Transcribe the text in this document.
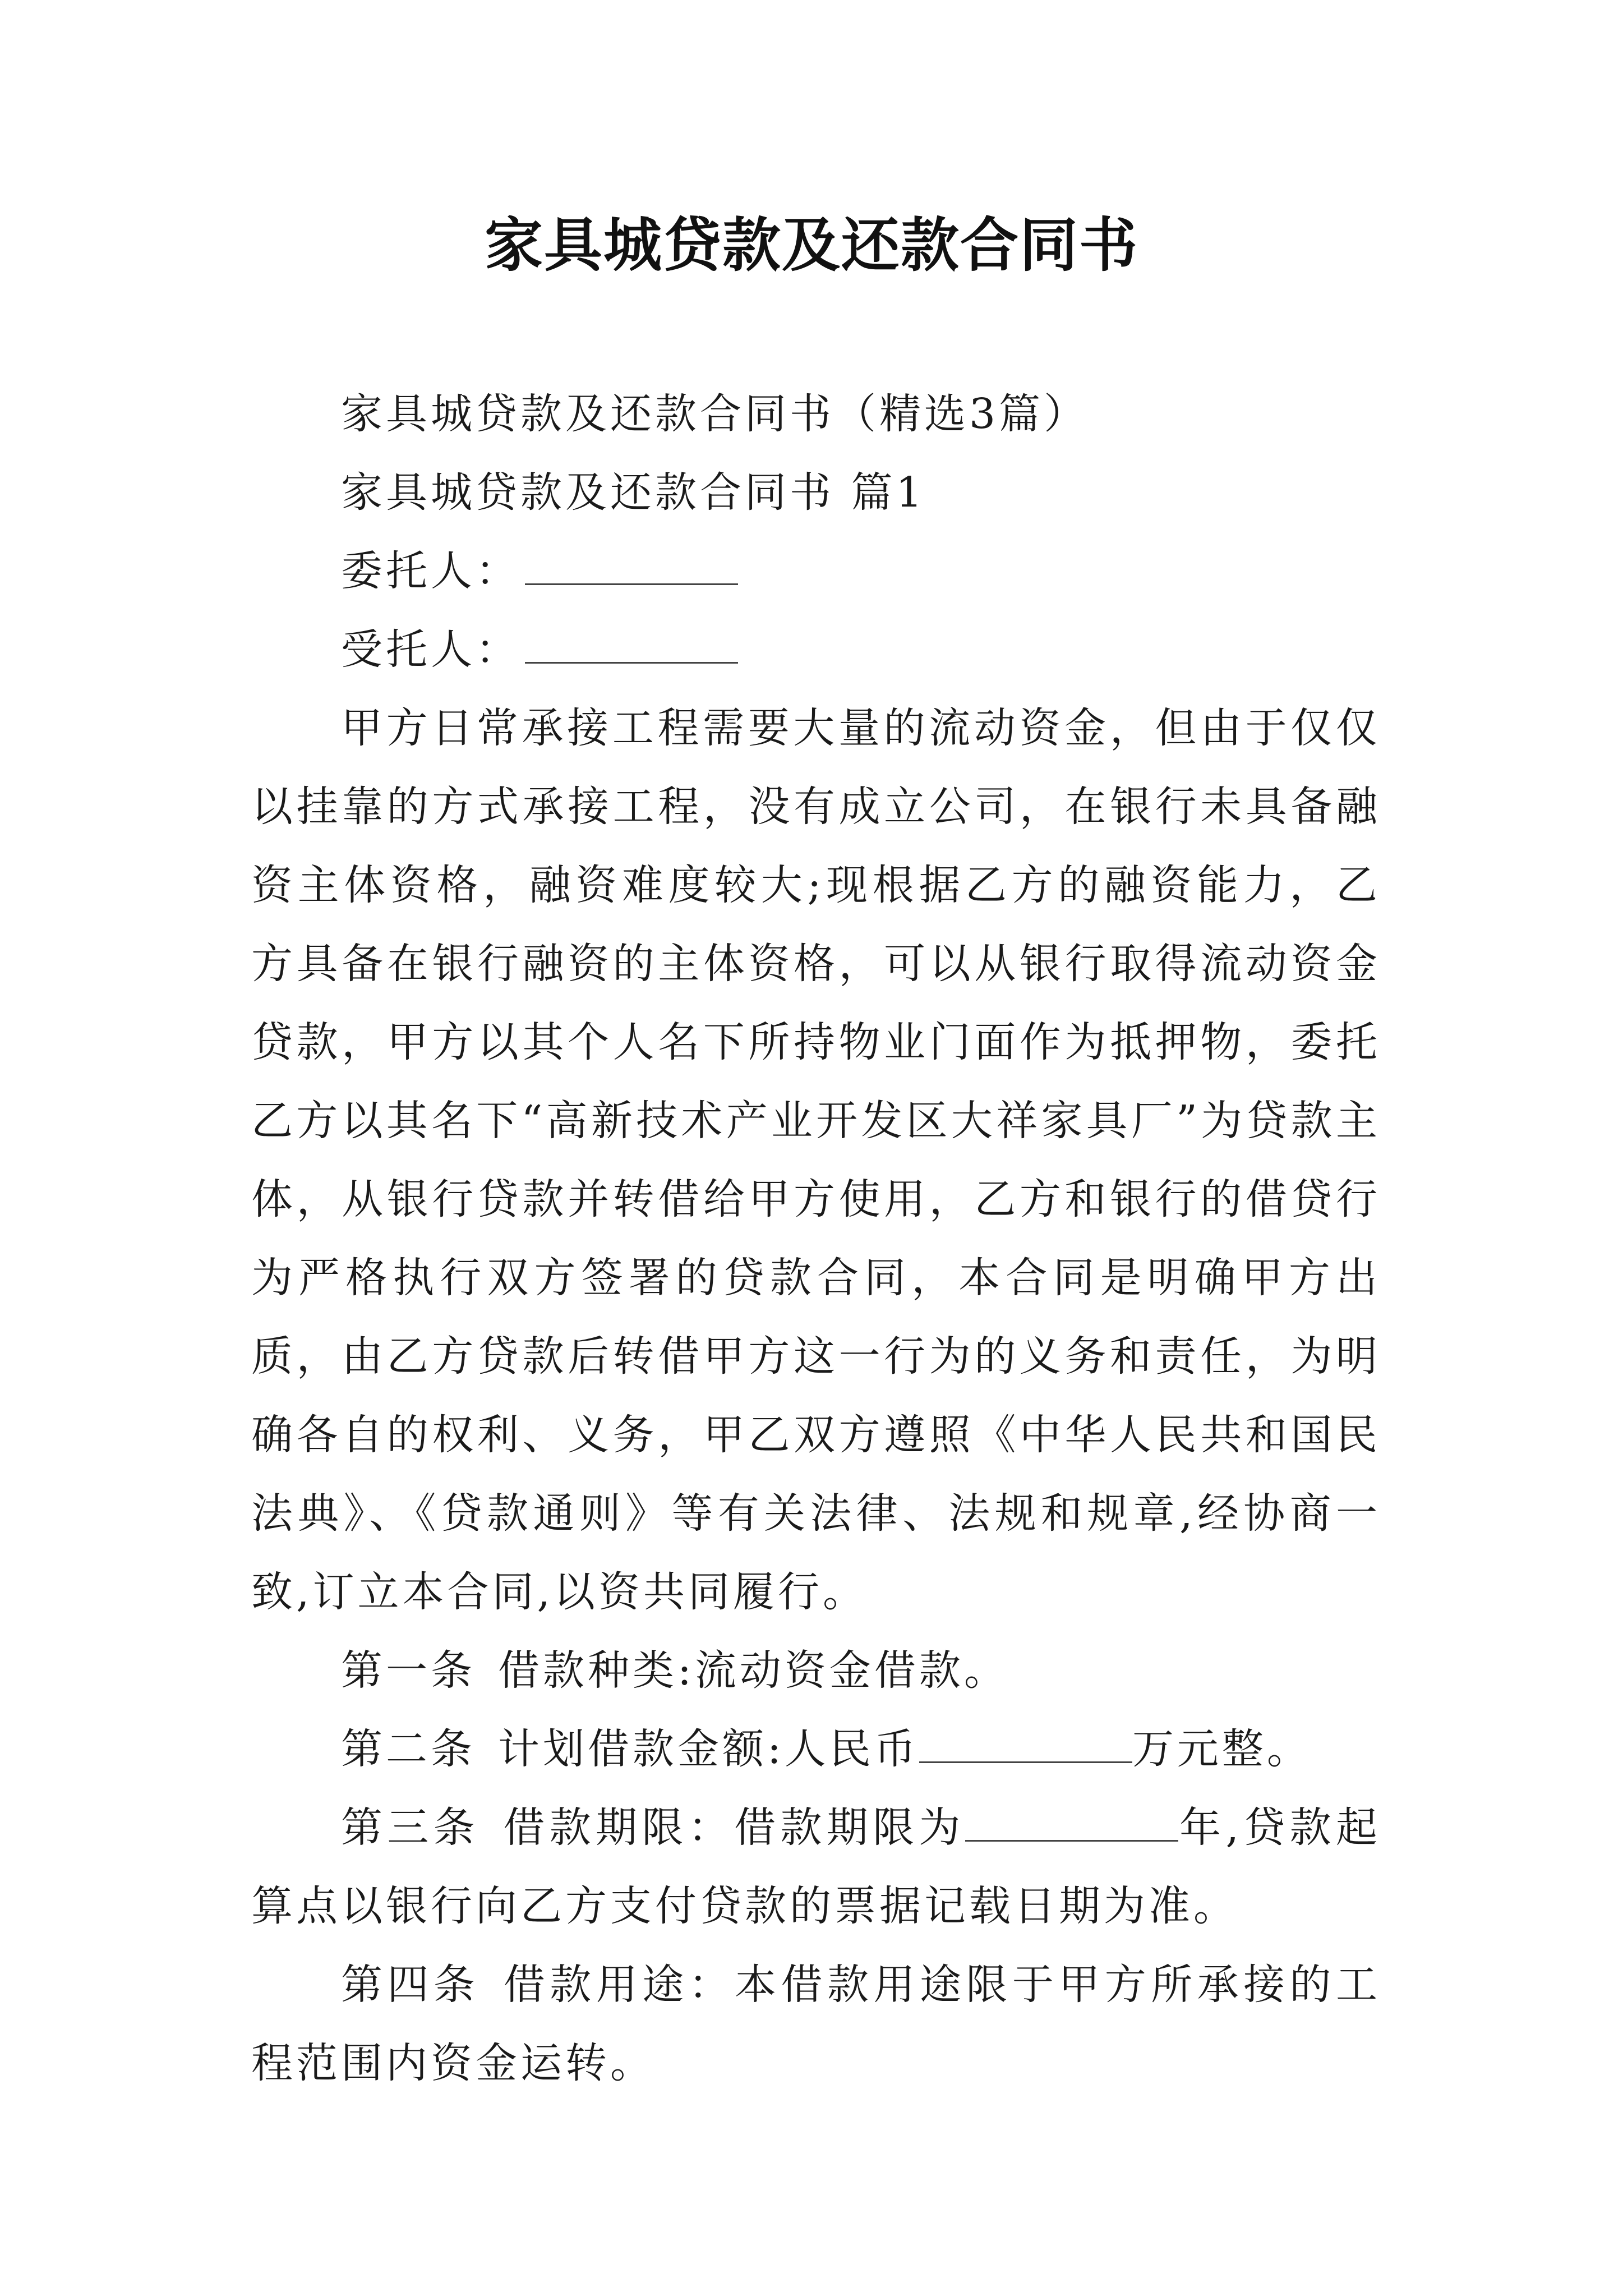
家具城贷款及还款合同书

家具城贷款及还款合同书（精选3篇）

家具城贷款及还款合同书 篇1

委托人：

受托人：

甲方日常承接工程需要大量的流动资金，但由于仅仅以挂靠的方式承接工程，没有成立公司，在银行未具备融资主体资格，融资难度较大;现根据乙方的融资能力，乙方具备在银行融资的主体资格，可以从银行取得流动资金贷款，甲方以其个人名下所持物业门面作为抵押物，委托乙方以其名下“高新技术产业开发区大祥家具厂”为贷款主体，从银行贷款并转借给甲方使用，乙方和银行的借贷行为严格执行双方签署的贷款合同，本合同是明确甲方出质，由乙方贷款后转借甲方这一行为的义务和责任，为明确各自的权利、义务，甲乙双方遵照《中华人民共和国民法典》、《贷款通则》等有关法律、法规和规章,经协商一致,订立本合同,以资共同履行。

第一条 借款种类:流动资金借款。

第二条 计划借款金额:人民币	万元整。

第三条 借款期限：借款期限为	年,贷款起算点以银行向乙方支付贷款的票据记载日期为准。

第四条 借款用途：本借款用途限于甲方所承接的工程范围内资金运转。
